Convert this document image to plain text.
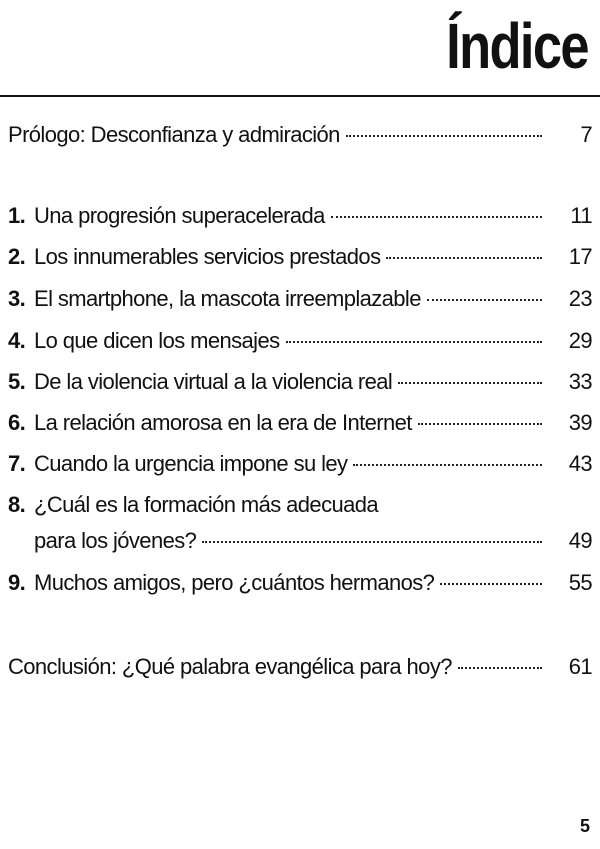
Índice
Prólogo: Desconfianza y admiración	7
1. Una progresión superacelerada	11
2. Los innumerables servicios prestados	17
3. El smartphone, la mascota irreemplazable	23
4. Lo que dicen los mensajes	29
5. De la violencia virtual a la violencia real	33
6. La relación amorosa en la era de Internet	39
7. Cuando la urgencia impone su ley	43
8. ¿Cuál es la formación más adecuada
para los jóvenes?	49
9. Muchos amigos, pero ¿cuántos hermanos?	55
Conclusión: ¿Qué palabra evangélica para hoy?	61
5
